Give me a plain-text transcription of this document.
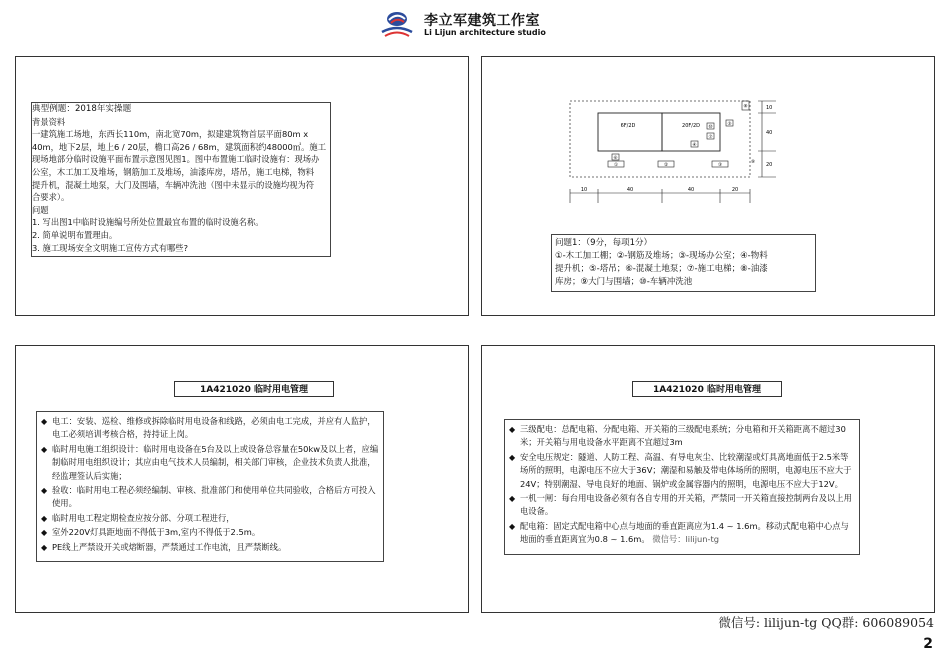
李立军建筑工作室
Li Lijun architecture studio
典型例题：2018年实操题
背景资料
一建筑施工场地，东西长110m，南北宽70m，拟建建筑物首层平面80m x
40m，地下2层，地上6 / 20层，檐口高26 / 68m，建筑面积约48000㎡。施工
现场地部分临时设施平面布置示意图见图1。图中布置施工临时设施有：现场办
公室，木工加工及堆场，钢筋加工及堆场，油漆库房，塔吊，施工电梯，物料
提升机，混凝土地泵，大门及围墙，车辆冲洗池（图中未显示的设施均视为符
合要求）。
问题
1. 写出图1中临时设施编号所处位置最宜布置的临时设施名称。
2. 简单说明布置理由。
3. 施工现场安全文明施工宣传方式有哪些?
6F/2D	20F/2D
①	②	③
④
⑤
⑥
⑦
⑧
⑨
⑩
10	40	40	20
10
40
20
问题1：（9分，每项1分）
①-木工加工棚；②-钢筋及堆场；③-现场办公室；④-物料
提升机；⑤-塔吊；⑥-混凝土地泵；⑦-施工电梯；⑧-油漆
库房；⑨大门与围墙；⑩-车辆冲洗池
1A421020 临时用电管理
◆ 电工：安装、巡检、维修或拆除临时用电设备和线路，必须由电工完成，并应有人监护，电工必须培训考核合格，持持证上岗。
◆ 临时用电施工组织设计：临时用电设备在5台及以上或设备总容量在50kw及以上者，应编制临时用电组织设计；其应由电气技术人员编制，相关部门审核，企业技术负责人批准，经监理签认后实施；
◆ 验收：临时用电工程必须经编制、审核、批准部门和使用单位共同验收，合格后方可投入使用。
◆ 临时用电工程定期检查应按分部、分项工程进行，
◆ 室外220V灯具距地面不得低于3m,室内不得低于2.5m。
◆ PE线上严禁设开关或熔断器，严禁通过工作电流，且严禁断线。
1A421020 临时用电管理
◆ 三级配电：总配电箱、分配电箱、开关箱的三级配电系统；分电箱和开关箱距离不超过30米；开关箱与用电设备水平距离不宜超过3m
◆ 安全电压规定：隧道、人防工程、高温、有导电灰尘、比较潮湿或灯具离地面低于2.5米等场所的照明，电源电压不应大于36V；潮湿和易触及带电体场所的照明，电源电压不应大于24V；特别潮湿、导电良好的地面、锅炉或金属容器内的照明，电源电压不应大于12V。
◆ 一机一闸：每台用电设备必须有各自专用的开关箱，严禁同一开关箱直接控制两台及以上用电设备。
◆ 配电箱：固定式配电箱中心点与地面的垂直距离应为1.4 ~ 1.6m。移动式配电箱中心点与地面的垂直距离宜为0.8 ~ 1.6m。 微信号：lilijun-tg
微信号: lilijun-tg QQ群: 606089054
2
